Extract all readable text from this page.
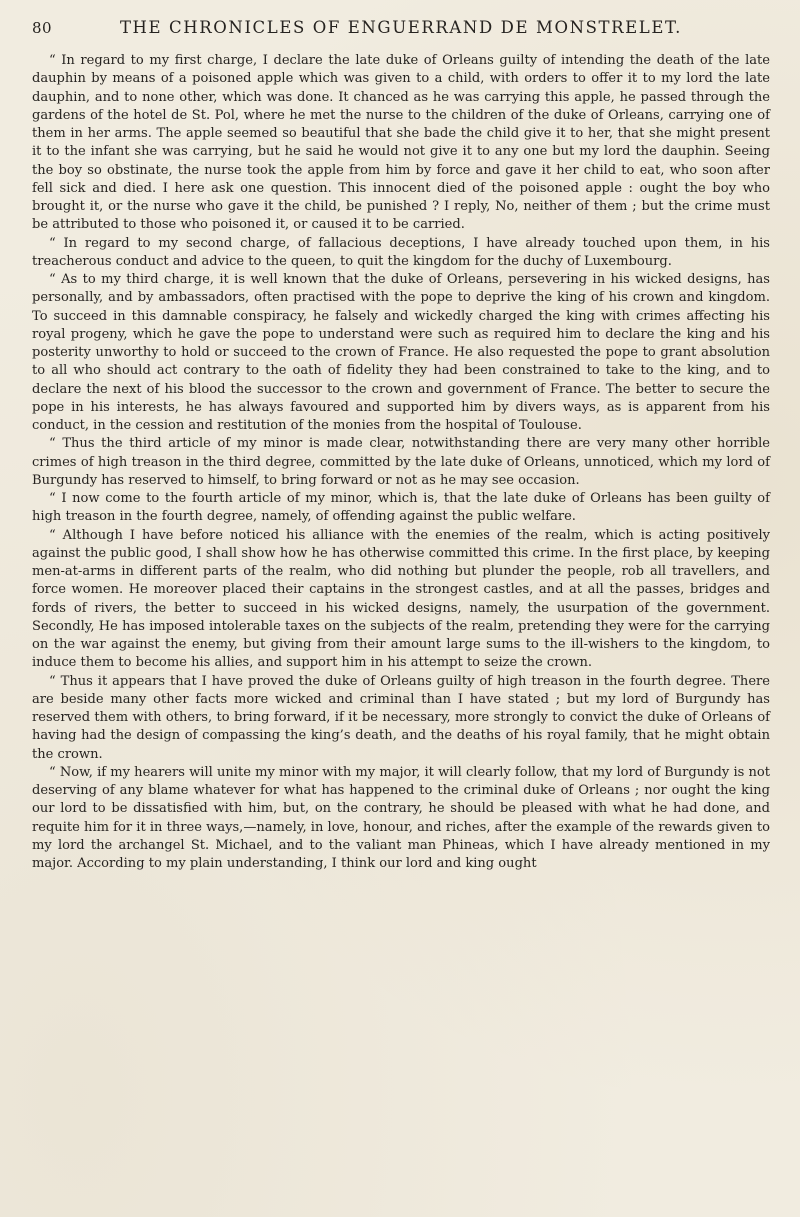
80	THE CHRONICLES OF ENGUERRAND DE MONSTRELET.

“ In regard to my first charge, I declare the late duke of Orleans guilty of intending the death of the late dauphin by means of a poisoned apple which was given to a child, with orders to offer it to my lord the late dauphin, and to none other, which was done. It chanced as he was carrying this apple, he passed through the gardens of the hotel de St. Pol, where he met the nurse to the children of the duke of Orleans, carrying one of them in her arms. The apple seemed so beautiful that she bade the child give it to her, that she might present it to the infant she was carrying, but he said he would not give it to any one but my lord the dauphin. Seeing the boy so obstinate, the nurse took the apple from him by force and gave it her child to eat, who soon after fell sick and died. I here ask one question. This innocent died of the poisoned apple : ought the boy who brought it, or the nurse who gave it the child, be punished ? I reply, No, neither of them ; but the crime must be attributed to those who poisoned it, or caused it to be carried.

“ In regard to my second charge, of fallacious deceptions, I have already touched upon them, in his treacherous conduct and advice to the queen, to quit the kingdom for the duchy of Luxembourg.

“ As to my third charge, it is well known that the duke of Orleans, persevering in his wicked designs, has personally, and by ambassadors, often practised with the pope to deprive the king of his crown and kingdom. To succeed in this damnable conspiracy, he falsely and wickedly charged the king with crimes affecting his royal progeny, which he gave the pope to understand were such as required him to declare the king and his posterity unworthy to hold or succeed to the crown of France. He also requested the pope to grant absolution to all who should act contrary to the oath of fidelity they had been constrained to take to the king, and to declare the next of his blood the successor to the crown and government of France. The better to secure the pope in his interests, he has always favoured and supported him by divers ways, as is apparent from his conduct, in the cession and restitution of the monies from the hospital of Toulouse.

“ Thus the third article of my minor is made clear, notwithstanding there are very many other horrible crimes of high treason in the third degree, committed by the late duke of Orleans, unnoticed, which my lord of Burgundy has reserved to himself, to bring forward or not as he may see occasion.

“ I now come to the fourth article of my minor, which is, that the late duke of Orleans has been guilty of high treason in the fourth degree, namely, of offending against the public welfare.

“ Although I have before noticed his alliance with the enemies of the realm, which is acting positively against the public good, I shall show how he has otherwise committed this crime. In the first place, by keeping men-at-arms in different parts of the realm, who did nothing but plunder the people, rob all travellers, and force women. He moreover placed their captains in the strongest castles, and at all the passes, bridges and fords of rivers, the better to succeed in his wicked designs, namely, the usurpation of the government. Secondly, He has imposed intolerable taxes on the subjects of the realm, pretending they were for the carrying on the war against the enemy, but giving from their amount large sums to the ill-wishers to the kingdom, to induce them to become his allies, and support him in his attempt to seize the crown.

“ Thus it appears that I have proved the duke of Orleans guilty of high treason in the fourth degree. There are beside many other facts more wicked and criminal than I have stated ; but my lord of Burgundy has reserved them with others, to bring forward, if it be necessary, more strongly to convict the duke of Orleans of having had the design of compassing the king’s death, and the deaths of his royal family, that he might obtain the crown.

“ Now, if my hearers will unite my minor with my major, it will clearly follow, that my lord of Burgundy is not deserving of any blame whatever for what has happened to the criminal duke of Orleans ; nor ought the king our lord to be dissatisfied with him, but, on the contrary, he should be pleased with what he had done, and requite him for it in three ways,—namely, in love, honour, and riches, after the example of the rewards given to my lord the archangel St. Michael, and to the valiant man Phineas, which I have already mentioned in my major. According to my plain understanding, I think our lord and king ought
